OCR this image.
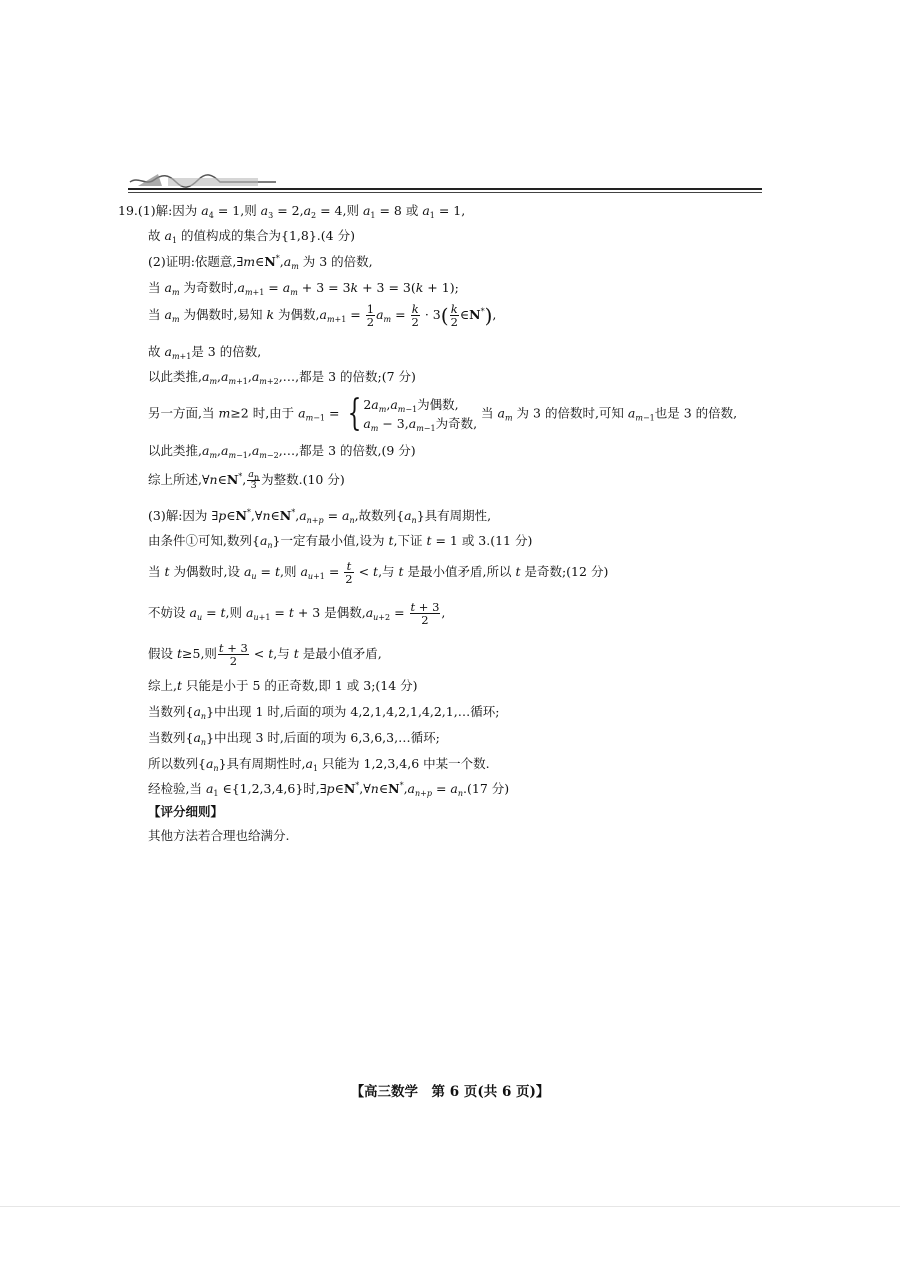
19.(1)解:因为 $a_4 = 1$,则 $a_3 = 2,a_2 = 4$,则 $a_1 = 8$ 或 $a_1 = 1$,
故 $a_1$ 的值构成的集合为{1,8}.(4 分)
(2)证明:依题意$,\exists m\in N^*,a_m$ 为 3 的倍数,
当 $a_m$ 为奇数时$,a_{m+1} = a_m + 3 = 3k + 3 = 3(k + 1)$;
当 $a_m$ 为偶数时,易知 k 为偶数$,a_{m+1} = \frac{1}{2} a_m = \frac{k}{2} \cdot 3( \frac{k}{2}$ ∈N*),
故 $a_{m+1}$是 3 的倍数,
以此类推$,a_m,a_{m+1},a_{m+2},\dots$,都是 3 的倍数;(7 分)
另一方面,当 m≥2 时,由于 $a_{m-1}$ = { $2a_m,a_{m-1}$为偶数,
$a_m - 3,a_{m-1}$为奇数,
当 $a_m$ 为 3 的倍数时,可知 $a_{m-1}$也是 3 的倍数,
以此类推$,a_m,a_{m-1},a_{m-2},\dots$,都是 3 的倍数,(9 分)
综上所述,∀n∈N*, $\frac{a_n}{3}$ 为整数.(10 分)
(3)解:因为 $\exists p\in N^*,\forall n\in N^*,a_{n+p} = a_n$,故数列$\{a_n\}$具有周期性,
由条件①可知,数列$\{a_n\}$一定有最小值,设为 t,下证 t = 1 或 3.(11 分)
当 t 为偶数时,设 $a_u = t$,则 $a_{u+1} = \frac{t}{2} < t$,与 t 是最小值矛盾,所以 t 是奇数;(12 分)
不妨设 $a_u = t$,则 $a_{u+1} = t + 3$ 是偶数$,a_{u+2} = \frac{t + 3}{2}$ ,
假设 t≥5,则 $\frac{t + 3}{2} < t$,与 t 是最小值矛盾,
综上,t 只能是小于 5 的正奇数,即 1 或 3;(14 分)
当数列$\{a_n\}$中出现 1 时,后面的项为 4,2,1,4,2,1,4,2,1,…循环;
当数列$\{a_n\}$中出现 3 时,后面的项为 6,3,6,3,…循环;
所以数列$\{a_n\}$具有周期性时$,a_1$ 只能为 1,2,3,4,6 中某一个数.
经检验,当 $a_1$ ∈{1,2,3,4,6}时$,\exists p\in N^*,\forall n\in N^*,a_{n+p} = a_n.(17$ 分)
【评分细则】
其他方法若合理也给满分.
【高三数学　第 6 页(共 6 页)】
